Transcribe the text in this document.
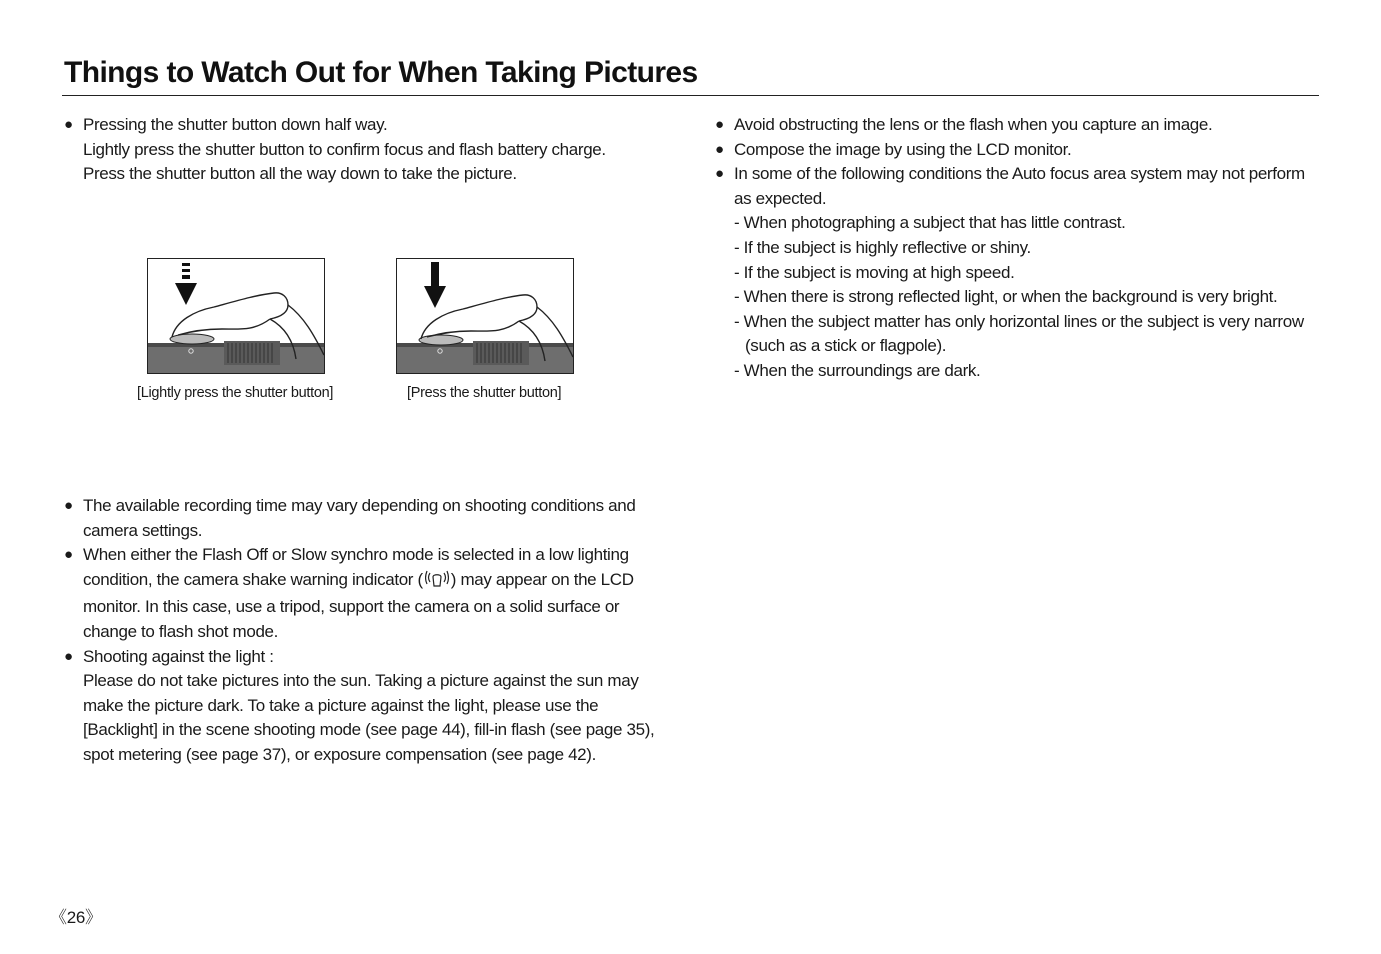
Things to Watch Out for When Taking Pictures
● Pressing the shutter button down half way.
Lightly press the shutter button to confirm focus and flash battery charge.
Press the shutter button all the way down to take the picture.
[Lightly press the shutter button]	[Press the shutter button]
● The available recording time may vary depending on shooting conditions and
camera settings.
● When either the Flash Off or Slow synchro mode is selected in a low lighting
condition, the camera shake warning indicator ( ) may appear on the LCD
monitor. In this case, use a tripod, support the camera on a solid surface or
change to flash shot mode.
● Shooting against the light :
Please do not take pictures into the sun. Taking a picture against the sun may
make the picture dark. To take a picture against the light, please use the
[Backlight] in the scene shooting mode (see page 44), fill-in flash (see page 35),
spot metering (see page 37), or exposure compensation (see page 42).
● Avoid obstructing the lens or the flash when you capture an image.
● Compose the image by using the LCD monitor.
● In some of the following conditions the Auto focus area system may not perform
as expected.
- When photographing a subject that has little contrast.
- If the subject is highly reflective or shiny.
- If the subject is moving at high speed.
- When there is strong reflected light, or when the background is very bright.
- When the subject matter has only horizontal lines or the subject is very narrow
(such as a stick or flagpole).
- When the surroundings are dark.
《26》
